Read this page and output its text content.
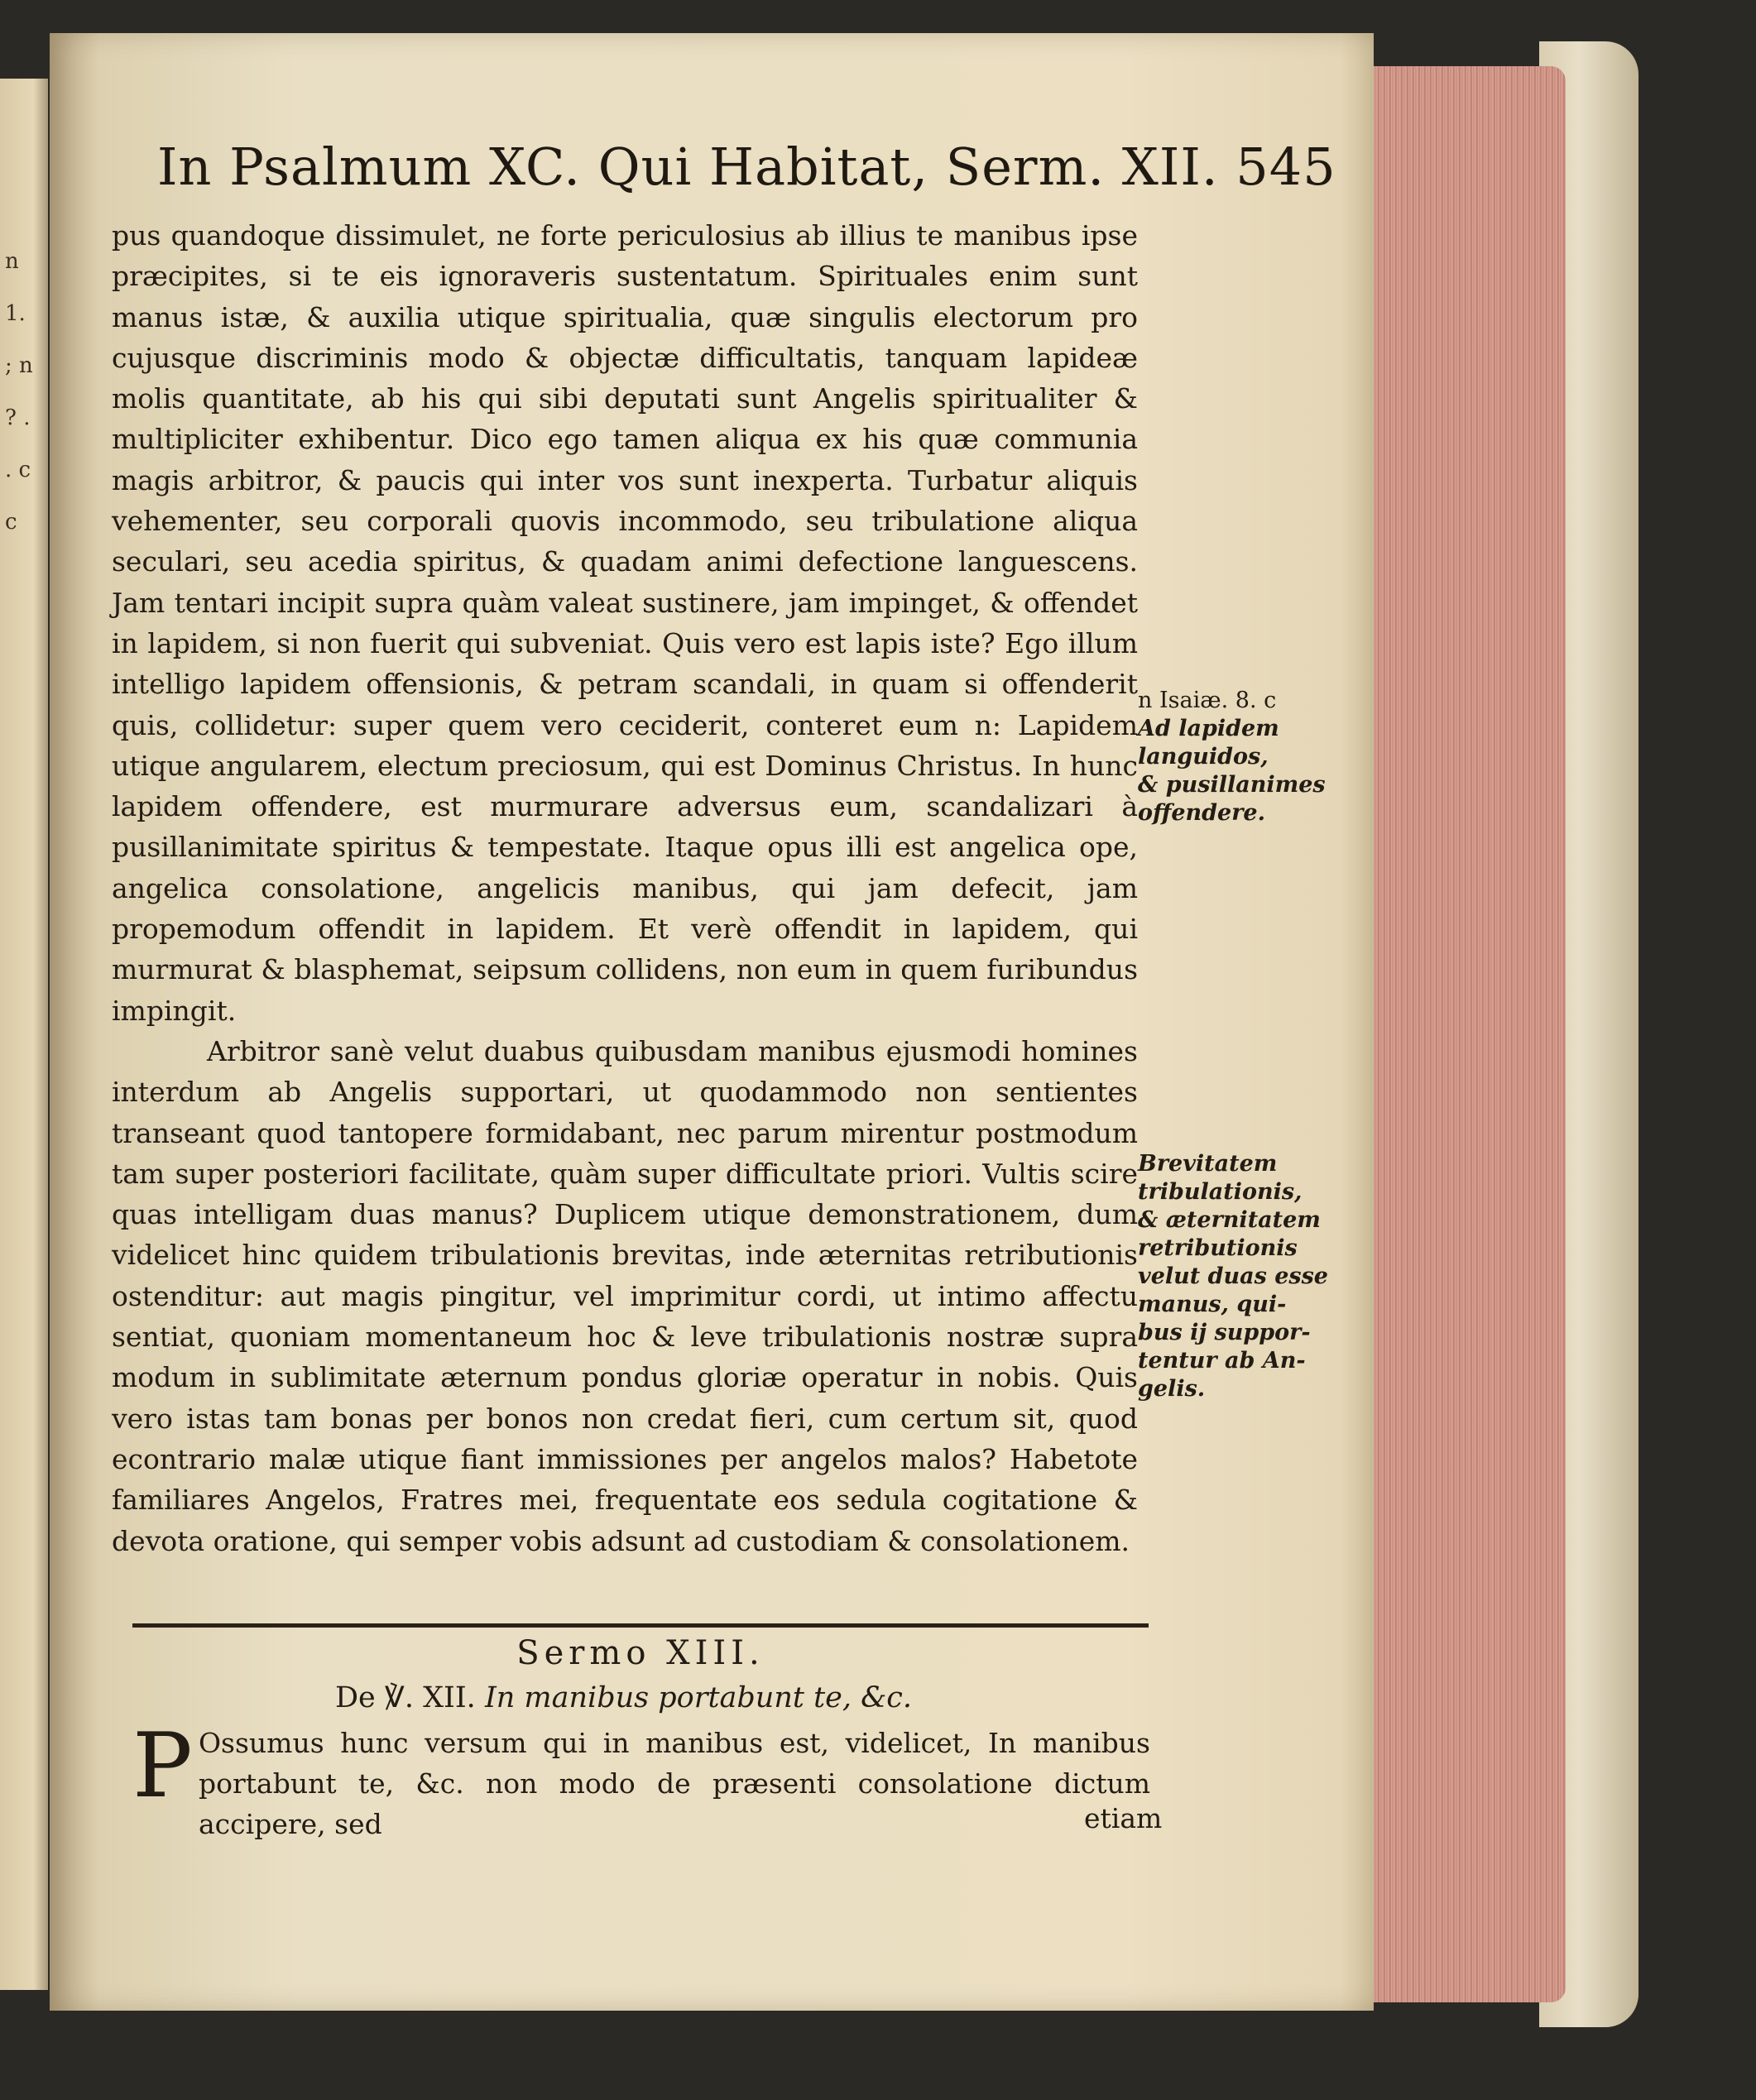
n 1. ; n ? . . c c
In Psalmum XC. Qui Habitat, Serm. XII. 545

pus quandoque dissimulet, ne forte periculosius ab illius te manibus ipse præcipites, si te eis ignoraveris sustentatum. Spirituales enim sunt manus istæ, & auxilia utique spiritualia, quæ singulis electorum pro cujusque discriminis modo & objectæ difficultatis, tanquam lapideæ molis quantitate, ab his qui sibi deputati sunt Angelis spiritualiter & multipliciter exhibentur. Dico ego tamen aliqua ex his quæ communia magis arbitror, & paucis qui inter vos sunt inexperta. Turbatur aliquis vehementer, seu corporali quovis incommodo, seu tribulatione aliqua seculari, seu acedia spiritus, & quadam animi defectione languescens. Jam tentari incipit supra quàm valeat sustinere, jam impinget, & offendet in lapidem, si non fuerit qui subveniat. Quis vero est lapis iste? Ego illum intelligo lapidem offensionis, & petram scandali, in quam si offenderit quis, collidetur: super quem vero ceciderit, conteret eum n: Lapidem utique angularem, electum preciosum, qui est Dominus Christus. In hunc lapidem offendere, est murmurare adversus eum, scandalizari à pusillanimitate spiritus & tempestate. Itaque opus illi est angelica ope, angelica consolatione, angelicis manibus, qui jam defecit, jam propemodum offendit in lapidem. Et verè offendit in lapidem, qui murmurat & blasphemat, seipsum collidens, non eum in quem furibundus impingit.

Arbitror sanè velut duabus quibusdam manibus ejusmodi homines interdum ab Angelis supportari, ut quodammodo non sentientes transeant quod tantopere formidabant, nec parum mirentur postmodum tam super posteriori facilitate, quàm super difficultate priori. Vultis scire quas intelligam duas manus? Duplicem utique demonstrationem, dum videlicet hinc quidem tribulationis brevitas, inde æternitas retributionis ostenditur: aut magis pingitur, vel imprimitur cordi, ut intimo affectu sentiat, quoniam momentaneum hoc & leve tribulationis nostræ supra modum in sublimitate æternum pondus gloriæ operatur in nobis. Quis vero istas tam bonas per bonos non credat fieri, cum certum sit, quod econtrario malæ utique fiant immissiones per angelos malos? Habetote familiares Angelos, Fratres mei, frequentate eos sedula cogitatione & devota oratione, qui semper vobis adsunt ad custodiam & consolationem.

n Isaiæ. 8. c
Ad lapidem
languidos,
& pusillanimes
offendere.
Brevitatem
tribulationis,
& æternitatem
retributionis
velut duas esse
manus, qui-
bus ij suppor-
tentur ab An-
gelis.
Sermo XIII.
De ℣. XII. In manibus portabunt te, &c.
P Ossumus hunc versum qui in manibus est, videlicet, In manibus portabunt te, &c. non modo de præsenti consolatione dictum accipere, sed	etiam
